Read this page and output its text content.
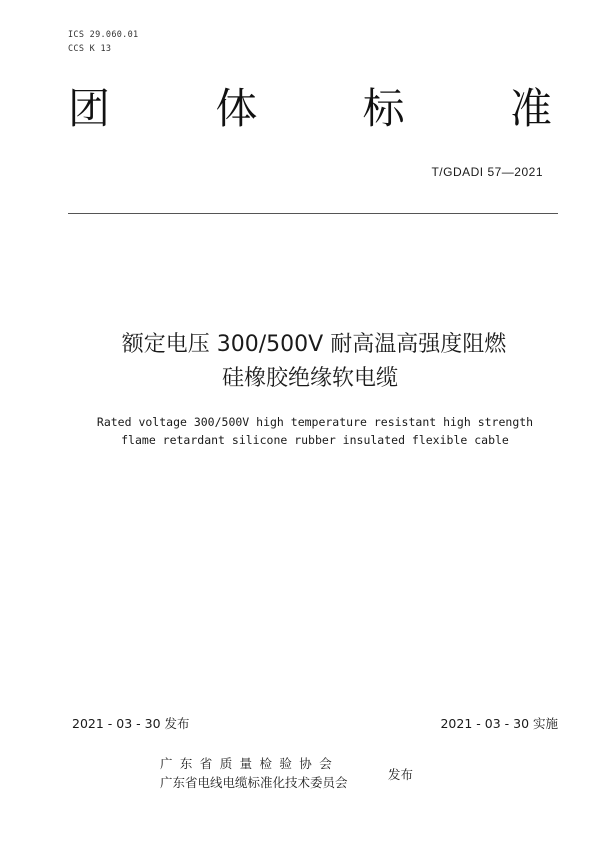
ICS 29.060.01
CCS K 13
团	体	标	准
T/GDADI 57—2021
额定电压 300/500V 耐高温高强度阻燃
硅橡胶绝缘软电缆
Rated voltage 300/500V high temperature resistant high strength
flame retardant silicone rubber insulated flexible cable
2021 - 03 - 30 发布	2021 - 03 - 30 实施
广东省质量检验协会
广东省电线电缆标准化技术委员会
发布
